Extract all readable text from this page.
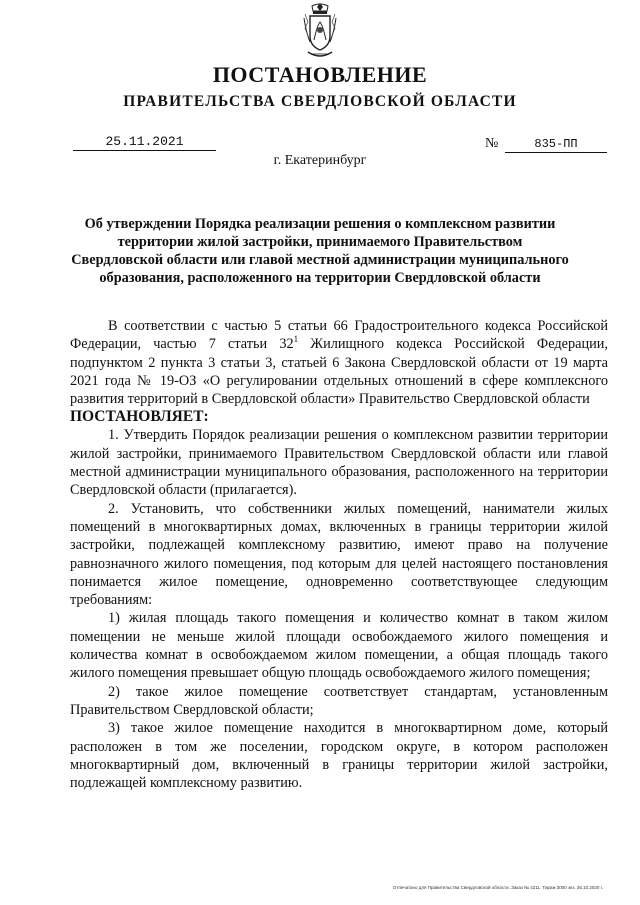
ПОСТАНОВЛЕНИЕ
ПРАВИТЕЛЬСТВА СВЕРДЛОВСКОЙ ОБЛАСТИ
25.11.2021	№	835-ПП
г. Екатеринбург
Об утверждении Порядка реализации решения о комплексном развитии территории жилой застройки, принимаемого Правительством Свердловской области или главой местной администрации муниципального образования, расположенного на территории Свердловской области

В соответствии с частью 5 статьи 66 Градостроительного кодекса Российской Федерации, частью 7 статьи $32^1$ Жилищного кодекса Российской Федерации, подпунктом 2 пункта 3 статьи 3, статьей 6 Закона Свердловской области от 19 марта 2021 года № 19-ОЗ «О регулировании отдельных отношений в сфере комплексного развития территорий в Свердловской области» Правительство Свердловской области

ПОСТАНОВЛЯЕТ:

1. Утвердить Порядок реализации решения о комплексном развитии территории жилой застройки, принимаемого Правительством Свердловской области или главой местной администрации муниципального образования, расположенного на территории Свердловской области (прилагается).

2. Установить, что собственники жилых помещений, наниматели жилых помещений в многоквартирных домах, включенных в границы территории жилой застройки, подлежащей комплексному развитию, имеют право на получение равнозначного жилого помещения, под которым для целей настоящего постановления понимается жилое помещение, одновременно соответствующее следующим требованиям:

1) жилая площадь такого помещения и количество комнат в таком жилом помещении не меньше жилой площади освобождаемого жилого помещения и количества комнат в освобождаемом жилом помещении, а общая площадь такого жилого помещения превышает общую площадь освобождаемого жилого помещения;

2) такое жилое помещение соответствует стандартам, установленным Правительством Свердловской области;

3) такое жилое помещение находится в многоквартирном доме, который расположен в том же поселении, городском округе, в котором расположен многоквартирный дом, включенный в границы территории жилой застройки, подлежащей комплексному развитию.

Отпечатано для Правительства Свердловской области. Заказ № 4211. Тираж 3000 экз. 26.10.2020 г.
